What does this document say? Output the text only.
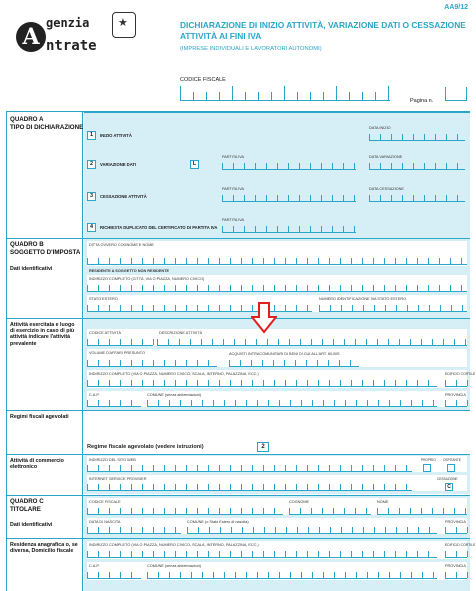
AA9/12
A
genzia
ntrate
★
DICHIARAZIONE DI INIZIO ATTIVITÀ, VARIAZIONE DATI O CESSAZIONE ATTIVITÀ AI FINI IVA
(IMPRESE INDIVIDUALI E LAVORATORI AUTONOMI)
CODICE FISCALE
Pagina n.
QUADRO A
TIPO DI DICHIARAZIONE
1	INIZIO ATTIVITÀ
DATA INIZIO
2	VARIAZIONE DATI	L
PARTITA IVA	DATA VARIAZIONE
3	CESSAZIONE ATTIVITÀ
PARTITA IVA	DATA CESSAZIONE
4	RICHIESTA DUPLICATO DEL CERTIFICATO DI PARTITA IVA
PARTITA IVA
QUADRO B
SOGGETTO D'IMPOSTA
Dati identificativi
DITTA OVVERO COGNOME E NOME
RESIDENTE A SOGGETTO NON RESIDENTE
INDIRIZZO COMPLETO (CITTÀ, VIA O PIAZZA, NUMERO CIVICO)
STATO ESTERO	NUMERO IDENTIFICAZIONE IVA STATO ESTERO
Attività esercitata e luogo di esercizio in caso di più attività indicare l'attività prevalente
CODICE ATTIVITÀ	DESCRIZIONE ATTIVITÀ
VOLUME D'AFFARI PRESUNTO	ACQUISTI INTRACOMUNITARI DI BENI DI CUI ALL'ART. 60-BIS
INDIRIZZO COMPLETO (VIA O PIAZZA, NUMERO CIVICO, SCALA, INTERNO, PALAZZINA, ECC.)	EDIFICIO CORTILE
C.A.P.	COMUNE (senza abbreviazioni)	PROVINCIA
Regimi fiscali agevolati
Regime fiscale agevolato (vedere istruzioni)	2
Attività di commercio elettronico
INDIRIZZO DEL SITO WEB	PROPRIO OSPITANTE
INTERNET SERVICE PROVIDER	CESSAZIONE
C
QUADRO C
TITOLARE
Dati identificativi
CODICE FISCALE	COGNOME	NOME
DATA DI NASCITA	COMUNE (o Stato Estero di nascita)	PROVINCIA
Residenza anagrafica o, se diversa, Domicilio fiscale
INDIRIZZO COMPLETO (VIA O PIAZZA, NUMERO CIVICO, SCALA, INTERNO, PALAZZINA, ECC.)	EDIFICIO CORTILE
C.A.P.	COMUNE (senza abbreviazioni)	PROVINCIA
